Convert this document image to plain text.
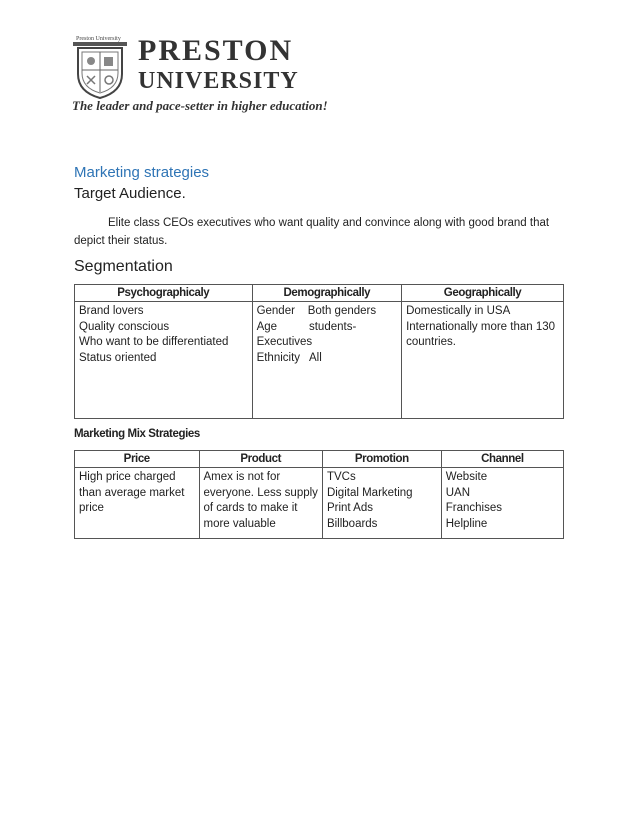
Preston University PRESTON
UNIVERSITY
The leader and pace-setter in higher education!
Marketing strategies
Target Audience.
Elite class CEOs executives who want quality and convince along with good brand that depict their status.
Segmentation
Psychographicaly	Demographically	Geographically

Brand lovers
Quality conscious
Who want to be differentiated
Status oriented	Gender    Both genders
Age          students-
Executives
Ethnicity   All	Domestically in USA
Internationally more than 130
countries.
Marketing Mix Strategies
Price	Product	Promotion	Channel

High price charged
than average market
price	Amex is not for
everyone. Less supply
of cards to make it
more valuable	TVCs
Digital Marketing
Print Ads
Billboards	Website
UAN
Franchises
Helpline
